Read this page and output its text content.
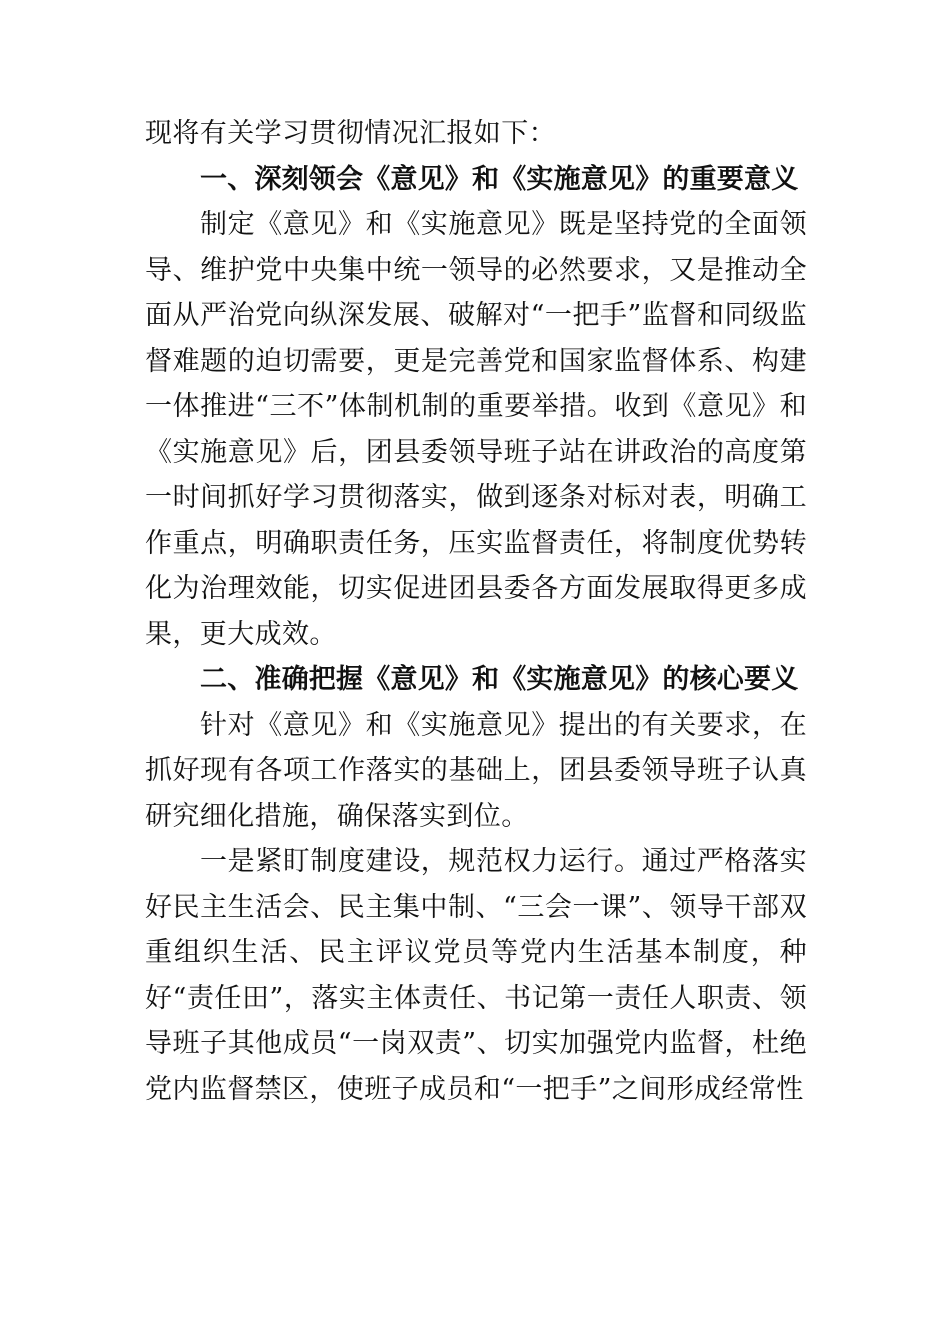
现将有关学习贯彻情况汇报如下：

一、深刻领会《意见》和《实施意见》的重要意义

制定《意见》和《实施意见》既是坚持党的全面领导、维护党中央集中统一领导的必然要求，又是推动全面从严治党向纵深发展、破解对“一把手”监督和同级监督难题的迫切需要，更是完善党和国家监督体系、构建一体推进“三不”体制机制的重要举措。收到《意见》和《实施意见》后，团县委领导班子站在讲政治的高度第一时间抓好学习贯彻落实，做到逐条对标对表，明确工作重点，明确职责任务，压实监督责任，将制度优势转化为治理效能，切实促进团县委各方面发展取得更多成果，更大成效。

二、准确把握《意见》和《实施意见》的核心要义

针对《意见》和《实施意见》提出的有关要求，在抓好现有各项工作落实的基础上，团县委领导班子认真研究细化措施，确保落实到位。

一是紧盯制度建设，规范权力运行。通过严格落实好民主生活会、民主集中制、“三会一课”、领导干部双重组织生活、民主评议党员等党内生活基本制度，种好“责任田”，落实主体责任、书记第一责任人职责、领导班子其他成员“一岗双责”、切实加强党内监督，杜绝党内监督禁区，使班子成员和“一把手”之间形成经常性
